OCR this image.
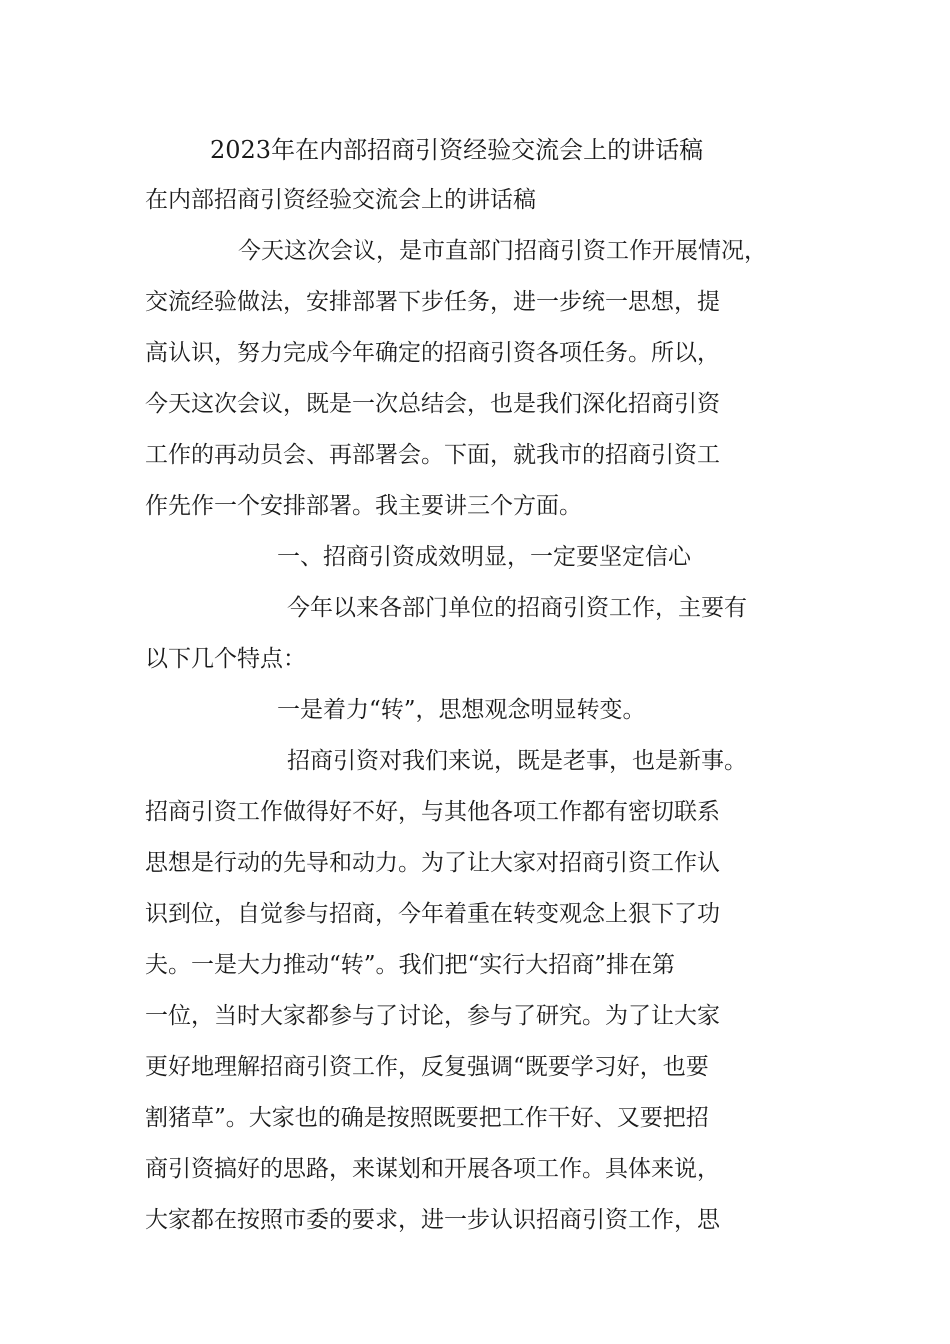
2023年在内部招商引资经验交流会上的讲话稿
在内部招商引资经验交流会上的讲话稿
今天这次会议，是市直部门招商引资工作开展情况，
交流经验做法，安排部署下步任务，进一步统一思想，提
高认识，努力完成今年确定的招商引资各项任务。所以，
今天这次会议，既是一次总结会，也是我们深化招商引资
工作的再动员会、再部署会。下面，就我市的招商引资工
作先作一个安排部署。我主要讲三个方面。
一、招商引资成效明显，一定要坚定信心
今年以来各部门单位的招商引资工作，主要有
以下几个特点：
一是着力“转”，思想观念明显转变。
招商引资对我们来说，既是老事，也是新事。
招商引资工作做得好不好，与其他各项工作都有密切联系
思想是行动的先导和动力。为了让大家对招商引资工作认
识到位，自觉参与招商，今年着重在转变观念上狠下了功
夫。一是大力推动“转”。我们把“实行大招商”排在第
一位，当时大家都参与了讨论，参与了研究。为了让大家
更好地理解招商引资工作，反复强调“既要学习好，也要
割猪草”。大家也的确是按照既要把工作干好、又要把招
商引资搞好的思路，来谋划和开展各项工作。具体来说，
大家都在按照市委的要求，进一步认识招商引资工作，思
